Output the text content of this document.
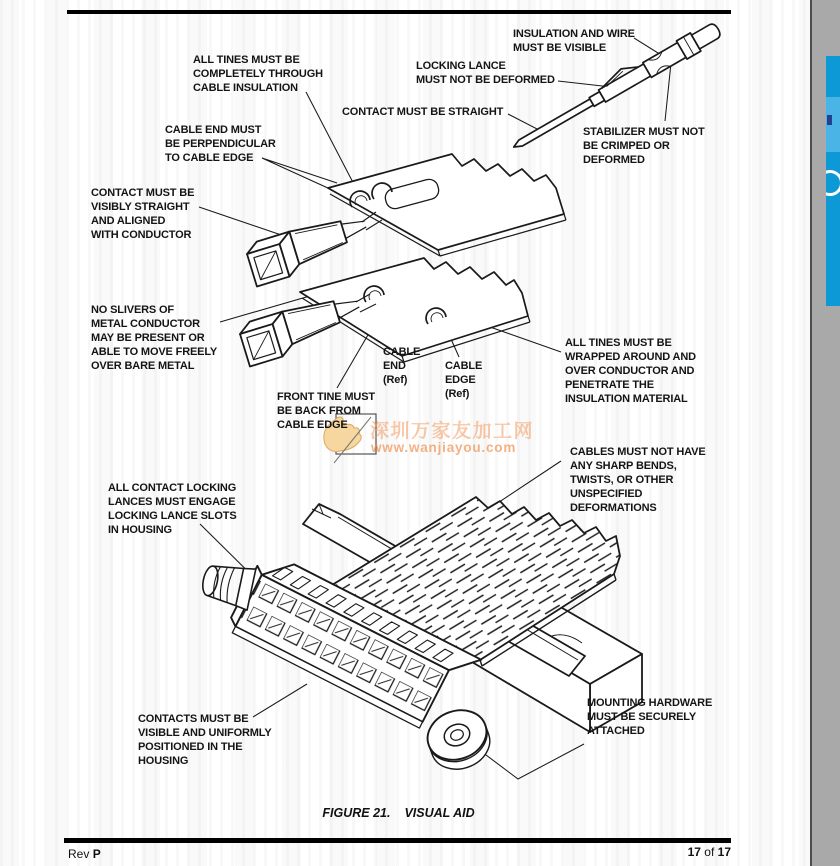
INSULATION AND WIRE
MUST BE VISIBLE
LOCKING LANCE
MUST NOT BE DEFORMED
ALL TINES MUST BE
COMPLETELY THROUGH
CABLE INSULATION
CONTACT MUST BE STRAIGHT
STABILIZER MUST NOT
BE CRIMPED OR
DEFORMED
CABLE END MUST
BE PERPENDICULAR
TO CABLE EDGE
CONTACT MUST BE
VISIBLY STRAIGHT
AND ALIGNED
WITH CONDUCTOR
NO SLIVERS OF
METAL CONDUCTOR
MAY BE PRESENT OR
ABLE TO MOVE FREELY
OVER BARE METAL
FRONT TINE MUST
BE BACK FROM
CABLE EDGE
CABLE
END
(Ref)
CABLE
EDGE
(Ref)
ALL TINES MUST BE
WRAPPED AROUND AND
OVER CONDUCTOR AND
PENETRATE THE
INSULATION MATERIAL
CABLES MUST NOT HAVE
ANY SHARP BENDS,
TWISTS, OR OTHER
UNSPECIFIED
DEFORMATIONS
ALL CONTACT LOCKING
LANCES MUST ENGAGE
LOCKING LANCE SLOTS
IN HOUSING
CONTACTS MUST BE
VISIBLE AND UNIFORMLY
POSITIONED IN THE
HOUSING
MOUNTING HARDWARE
MUST BE SECURELY
ATTACHED
深圳万家友加工网
www.wanjiayou.com
FIGURE 21. VISUAL AID
Rev P	17 of 17
